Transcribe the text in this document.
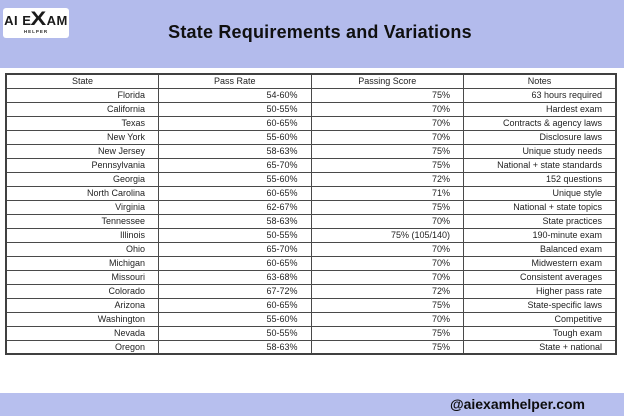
AI E X AM
HELPER	State Requirements and Variations
State	Pass Rate	Passing Score	Notes
Florida	54-60%	75%	63 hours required
California	50-55%	70%	Hardest exam
Texas	60-65%	70%	Contracts & agency laws
New York	55-60%	70%	Disclosure laws
New Jersey	58-63%	75%	Unique study needs
Pennsylvania	65-70%	75%	National + state standards
Georgia	55-60%	72%	152 questions
North Carolina	60-65%	71%	Unique style
Virginia	62-67%	75%	National + state topics
Tennessee	58-63%	70%	State practices
Illinois	50-55%	75% (105/140)	190-minute exam
Ohio	65-70%	70%	Balanced exam
Michigan	60-65%	70%	Midwestern exam
Missouri	63-68%	70%	Consistent averages
Colorado	67-72%	72%	Higher pass rate
Arizona	60-65%	75%	State-specific laws
Washington	55-60%	70%	Competitive
Nevada	50-55%	75%	Tough exam
Oregon	58-63%	75%	State + national
@aiexamhelper.com
